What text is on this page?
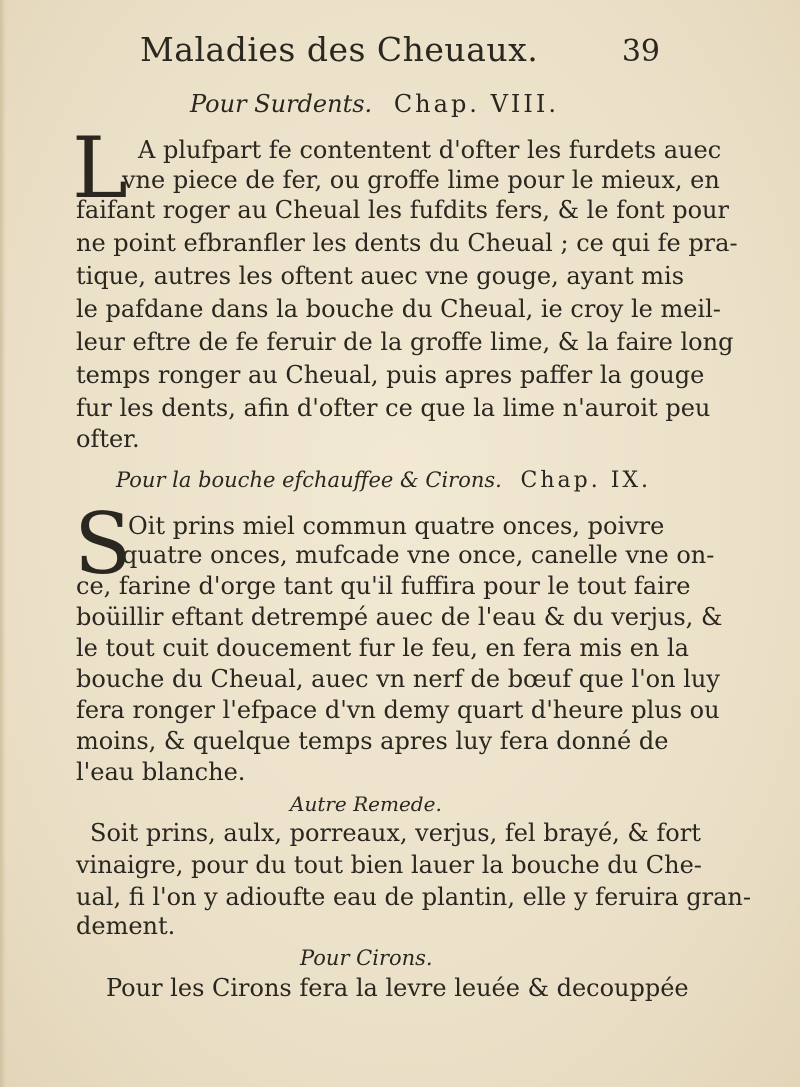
Maladies des Cheuaux.	39
Pour Surdents. Chap. VIII.
L A plufpart fe contentent d'ofter les furdets auec
vne piece de fer, ou groffe lime pour le mieux, en
faifant roger au Cheual les fufdits fers, & le font pour
ne point efbranfler les dents du Cheual ; ce qui fe pra-
tique, autres les oftent auec vne gouge, ayant mis
le pafdane dans la bouche du Cheual, ie croy le meil-
leur eftre de fe feruir de la groffe lime, & la faire long
temps ronger au Cheual, puis apres paffer la gouge
fur les dents, afin d'ofter ce que la lime n'auroit peu
ofter.
Pour la bouche efchauffee & Cirons. Chap. IX.
S
Oit prins miel commun quatre onces, poivre
quatre onces, mufcade vne once, canelle vne on-
ce, farine d'orge tant qu'il fuffira pour le tout faire
boüillir eftant detrempé auec de l'eau & du verjus, &
le tout cuit doucement fur le feu, en fera mis en la
bouche du Cheual, auec vn nerf de bœuf que l'on luy
fera ronger l'efpace d'vn demy quart d'heure plus ou
moins, & quelque temps apres luy fera donné de
l'eau blanche.
Autre Remede.
Soit prins, aulx, porreaux, verjus, fel brayé, & fort
vinaigre, pour du tout bien lauer la bouche du Che-
ual, fi l'on y adioufte eau de plantin, elle y feruira gran-
dement.
Pour Cirons.
Pour les Cirons fera la levre leuée & decouppée
